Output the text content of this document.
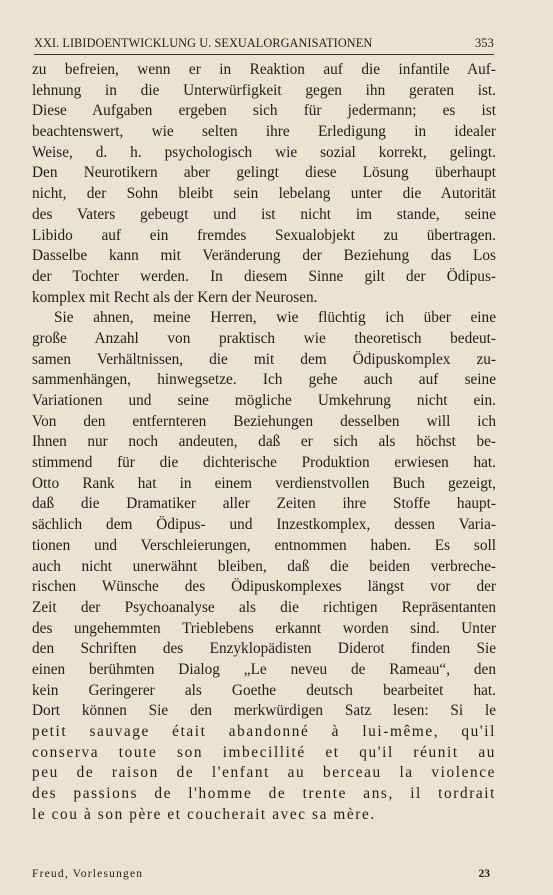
XXI. LIBIDOENTWICKLUNG U. SEXUALORGANISATIONEN	353
zu befreien, wenn er in Reaktion auf die infantile Auf-
lehnung in die Unterwürfigkeit gegen ihn geraten ist.
Diese Aufgaben ergeben sich für jedermann; es ist
beachtenswert, wie selten ihre Erledigung in idealer
Weise, d. h. psychologisch wie sozial korrekt, gelingt.
Den Neurotikern aber gelingt diese Lösung überhaupt
nicht, der Sohn bleibt sein lebelang unter die Autorität
des Vaters gebeugt und ist nicht im stande, seine
Libido auf ein fremdes Sexualobjekt zu übertragen.
Dasselbe kann mit Veränderung der Beziehung das Los
der Tochter werden. In diesem Sinne gilt der Ödipus-
komplex mit Recht als der Kern der Neurosen.
Sie ahnen, meine Herren, wie flüchtig ich über eine
große Anzahl von praktisch wie theoretisch bedeut-
samen Verhältnissen, die mit dem Ödipuskomplex zu-
sammenhängen, hinwegsetze. Ich gehe auch auf seine
Variationen und seine mögliche Umkehrung nicht ein.
Von den entfernteren Beziehungen desselben will ich
Ihnen nur noch andeuten, daß er sich als höchst be-
stimmend für die dichterische Produktion erwiesen hat.
Otto Rank hat in einem verdienstvollen Buch gezeigt,
daß die Dramatiker aller Zeiten ihre Stoffe haupt-
sächlich dem Ödipus- und Inzestkomplex, dessen Varia-
tionen und Verschleierungen, entnommen haben. Es soll
auch nicht unerwähnt bleiben, daß die beiden verbreche-
rischen Wünsche des Ödipuskomplexes längst vor der
Zeit der Psychoanalyse als die richtigen Repräsentanten
des ungehemmten Trieblebens erkannt worden sind. Unter
den Schriften des Enzyklopädisten Diderot finden Sie
einen berühmten Dialog „Le neveu de Rameau“, den
kein Geringerer als Goethe deutsch bearbeitet hat.
Dort können Sie den merkwürdigen Satz lesen: Si le
petit sauvage était abandonné à lui-même, qu'il
conserva toute son imbecillité et qu'il réunit au
peu de raison de l'enfant au berceau la violence
des passions de l'homme de trente ans, il tordrait
le cou à son père et coucherait avec sa mère.
Freud, Vorlesungen	23
